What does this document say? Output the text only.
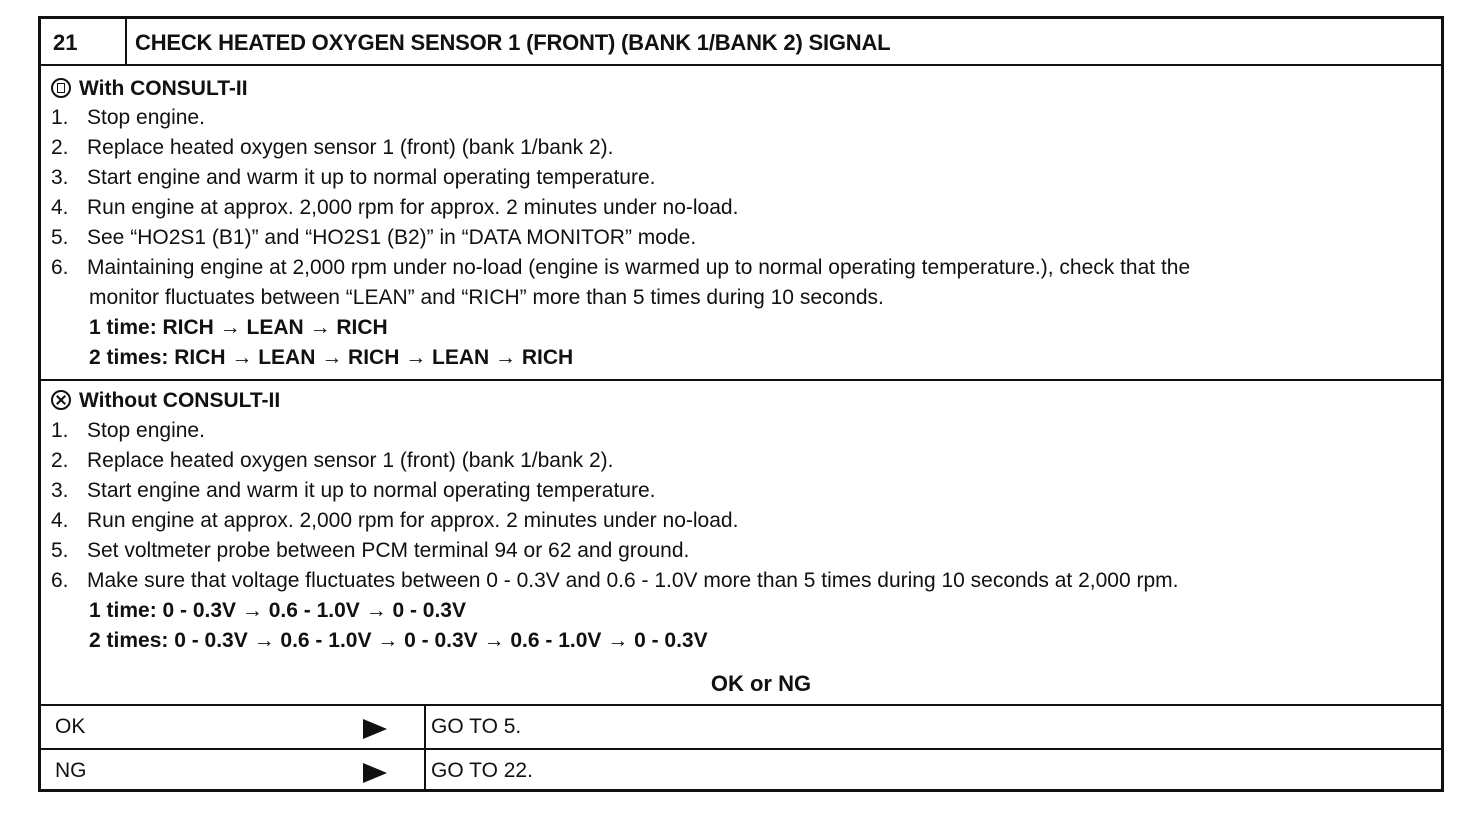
21	CHECK HEATED OXYGEN SENSOR 1 (FRONT) (BANK 1/BANK 2) SIGNAL
With CONSULT-II
1. Stop engine.
2. Replace heated oxygen sensor 1 (front) (bank 1/bank 2).
3. Start engine and warm it up to normal operating temperature.
4. Run engine at approx. 2,000 rpm for approx. 2 minutes under no-load.
5. See “HO2S1 (B1)” and “HO2S1 (B2)” in “DATA MONITOR” mode.
6. Maintaining engine at 2,000 rpm under no-load (engine is warmed up to normal operating temperature.), check that the
monitor fluctuates between “LEAN” and “RICH” more than 5 times during 10 seconds.
1 time: RICH → LEAN → RICH
2 times: RICH → LEAN → RICH → LEAN → RICH
Without CONSULT-II
1. Stop engine.
2. Replace heated oxygen sensor 1 (front) (bank 1/bank 2).
3. Start engine and warm it up to normal operating temperature.
4. Run engine at approx. 2,000 rpm for approx. 2 minutes under no-load.
5. Set voltmeter probe between PCM terminal 94 or 62 and ground.
6. Make sure that voltage fluctuates between 0 - 0.3V and 0.6 - 1.0V more than 5 times during 10 seconds at 2,000 rpm.
1 time: 0 - 0.3V → 0.6 - 1.0V → 0 - 0.3V
2 times: 0 - 0.3V → 0.6 - 1.0V → 0 - 0.3V → 0.6 - 1.0V → 0 - 0.3V
OK or NG
OK	GO TO 5.
NG	GO TO 22.
